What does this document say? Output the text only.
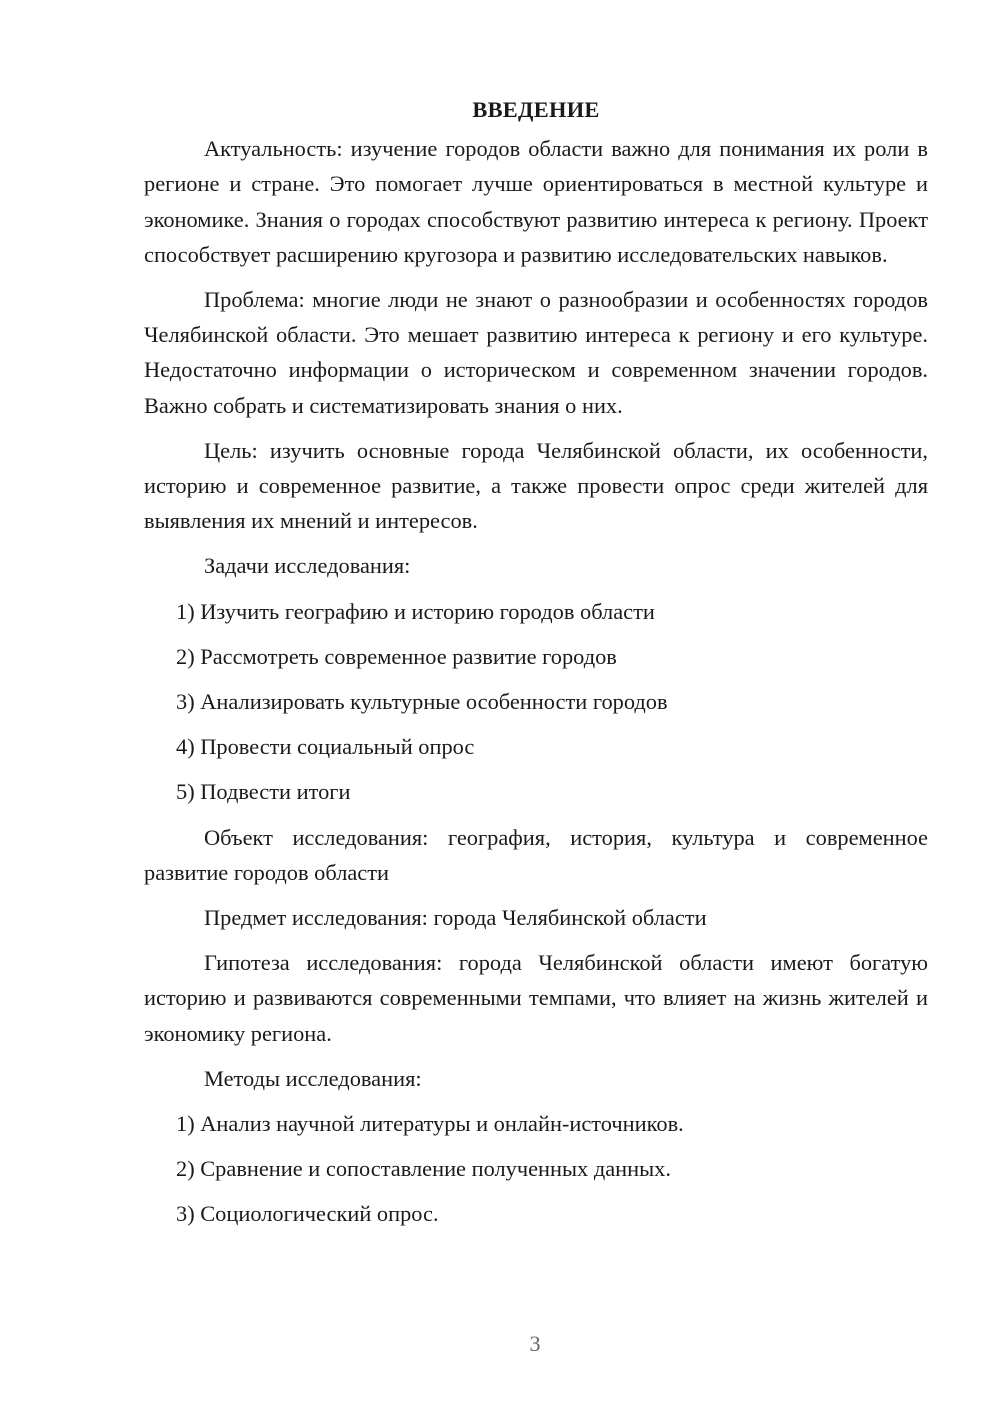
ВВЕДЕНИЕ
Актуальность: изучение городов области важно для понимания их роли в регионе и стране. Это помогает лучше ориентироваться в местной культуре и экономике. Знания о городах способствуют развитию интереса к региону. Проект способствует расширению кругозора и развитию исследовательских навыков.
Проблема: многие люди не знают о разнообразии и особенностях городов Челябинской области. Это мешает развитию интереса к региону и его культуре. Недостаточно информации о историческом и современном значении городов. Важно собрать и систематизировать знания о них.
Цель: изучить основные города Челябинской области, их особенности, историю и современное развитие, а также провести опрос среди жителей для выявления их мнений и интересов.
Задачи исследования:
1) Изучить географию и историю городов области
2) Рассмотреть современное развитие городов
3) Анализировать культурные особенности городов
4) Провести социальный опрос
5) Подвести итоги
Объект исследования: география, история, культура и современное развитие городов области
Предмет исследования: города Челябинской области
Гипотеза исследования: города Челябинской области имеют богатую историю и развиваются современными темпами, что влияет на жизнь жителей и экономику региона.
Методы исследования:
1) Анализ научной литературы и онлайн-источников.
2) Сравнение и сопоставление полученных данных.
3) Социологический опрос.
3
